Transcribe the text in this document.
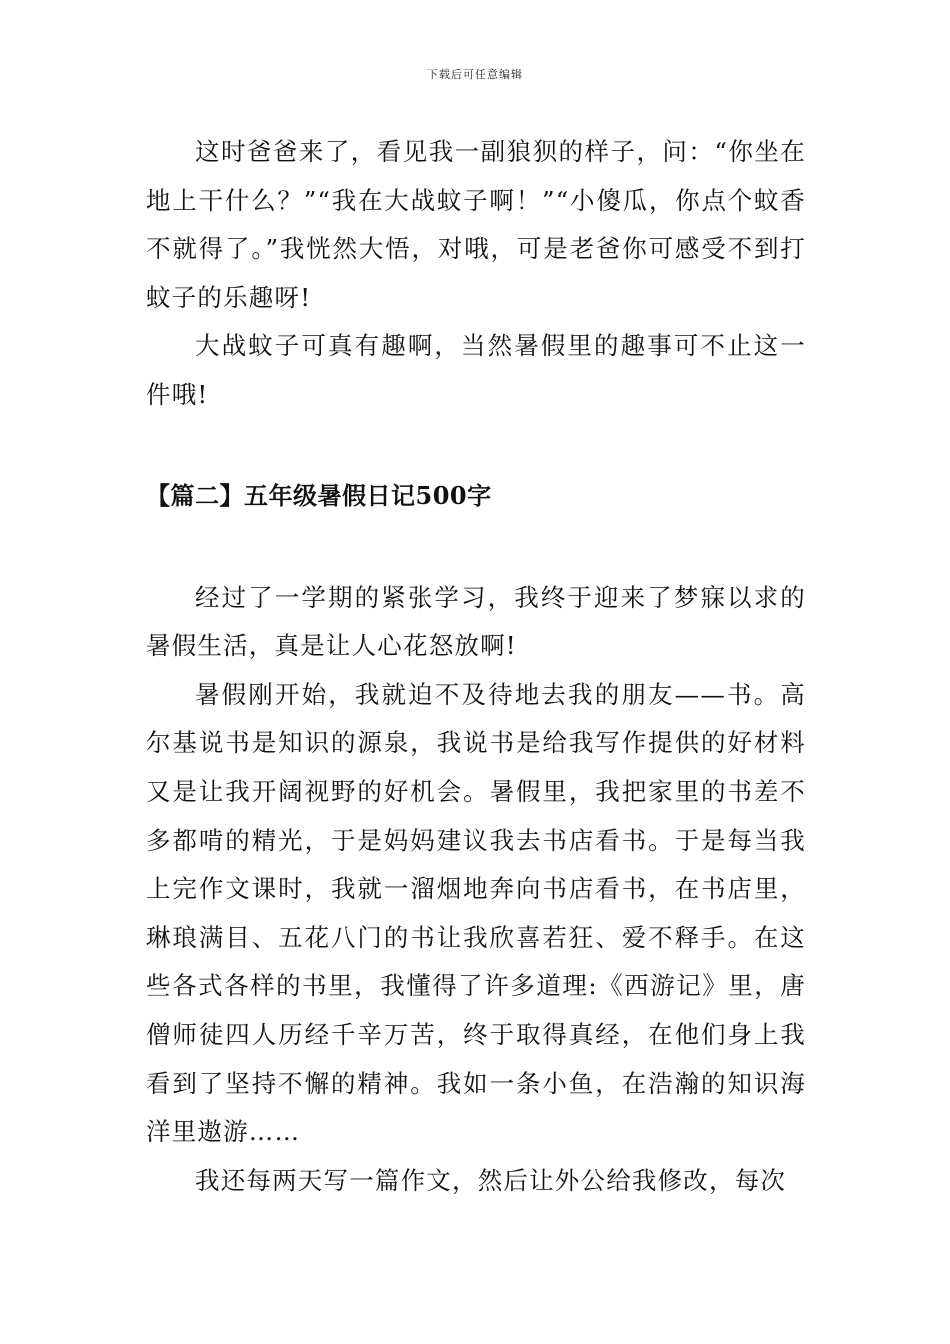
下载后可任意编辑

这时爸爸来了，看见我一副狼狈的样子，问：“你坐在地上干什么？”“我在大战蚊子啊！”“小傻瓜，你点个蚊香不就得了。”我恍然大悟，对哦，可是老爸你可感受不到打蚊子的乐趣呀!

大战蚊子可真有趣啊，当然暑假里的趣事可不止这一件哦!

【篇二】五年级暑假日记500字

经过了一学期的紧张学习，我终于迎来了梦寐以求的暑假生活，真是让人心花怒放啊!

暑假刚开始，我就迫不及待地去我的朋友——书。高尔基说书是知识的源泉，我说书是给我写作提供的好材料又是让我开阔视野的好机会。暑假里，我把家里的书差不多都啃的精光，于是妈妈建议我去书店看书。于是每当我上完作文课时，我就一溜烟地奔向书店看书，在书店里，琳琅满目、五花八门的书让我欣喜若狂、爱不释手。在这些各式各样的书里，我懂得了许多道理:《西游记》里，唐僧师徒四人历经千辛万苦，终于取得真经，在他们身上我看到了坚持不懈的精神。我如一条小鱼，在浩瀚的知识海洋里遨游……

我还每两天写一篇作文，然后让外公给我修改，每次
